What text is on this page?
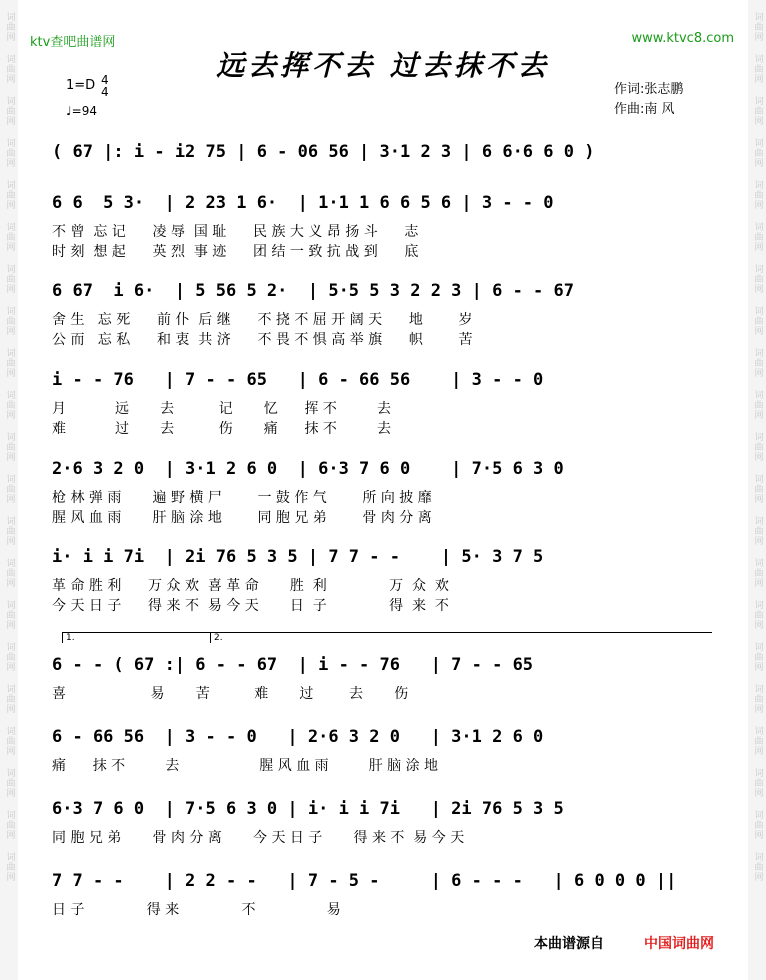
词曲网
词曲网
词曲网
词曲网
词曲网
词曲网
词曲网
词曲网
词曲网
词曲网
词曲网
词曲网
词曲网
词曲网
词曲网
词曲网
词曲网
词曲网
词曲网
词曲网
词曲网
词曲网
词曲网
词曲网
词曲网
词曲网
词曲网
词曲网
词曲网
词曲网
词曲网
词曲网
词曲网
词曲网
词曲网
词曲网
词曲网
词曲网
词曲网
词曲网
词曲网
词曲网
ktv查吧曲谱网	www.ktvc8.com
远去挥不去 过去抹不去
1=D 4
4
♩=94
作词:张志鹏
作曲:南 风
( 67 |: i - i2 75 | 6 - 06 56 | 3·1 2 3 | 6 6·6 6 0 )
6 6  5 3·  | 2 23 1 6·  | 1·1 1 6 6 5 6 | 3 - - 0
不 曾  忘 记      凌 辱  国 耻      民 族 大 义 昂 扬 斗      志
时 刻  想 起      英 烈  事 迹      团 结 一 致 抗 战 到      底
6 67  i 6·  | 5 56 5 2·  | 5·5 5 3 2 2 3 | 6 - - 67
舍 生   忘 死      前 仆  后 继      不 挠 不 屈 开 阔 天      地        岁
公 而   忘 私      和 衷  共 济      不 畏 不 惧 高 举 旗      帜        苦
i - - 76   | 7 - - 65   | 6 - 66 56    | 3 - - 0
月           远       去          记       忆      挥 不         去
难           过       去          伤       痛      抹 不         去
2·6 3 2 0  | 3·1 2 6 0  | 6·3 7 6 0    | 7·5 6 3 0
枪 林 弹 雨       遍 野 横 尸        一 鼓 作 气        所 向 披 靡
腥 风 血 雨       肝 脑 涂 地        同 胞 兄 弟        骨 肉 分 离
i· i i 7i  | 2i 76 5 3 5 | 7 7 - -    | 5· 3 7 5
革 命 胜 利      万 众 欢  喜 革 命       胜  利              万  众  欢
今 天 日 子      得 来 不  易 今 天       日  子              得  来  不
1.	2.
6 - - ( 67 :| 6 - - 67  | i - - 76   | 7 - - 65
喜                   易       苦          难       过        去       伤
6 - 66 56  | 3 - - 0   | 2·6 3 2 0   | 3·1 2 6 0
痛      抹 不         去                  腥 风 血 雨         肝 脑 涂 地
6·3 7 6 0  | 7·5 6 3 0 | i· i i 7i   | 2i 76 5 3 5
同 胞 兄 弟       骨 肉 分 离       今 天 日 子       得 来 不  易 今 天
7 7 - -    | 2 2 - -   | 7 - 5 -     | 6 - - -   | 6 0 0 0 ||
日 子              得 来              不                易
本曲谱源自	中国词曲网
